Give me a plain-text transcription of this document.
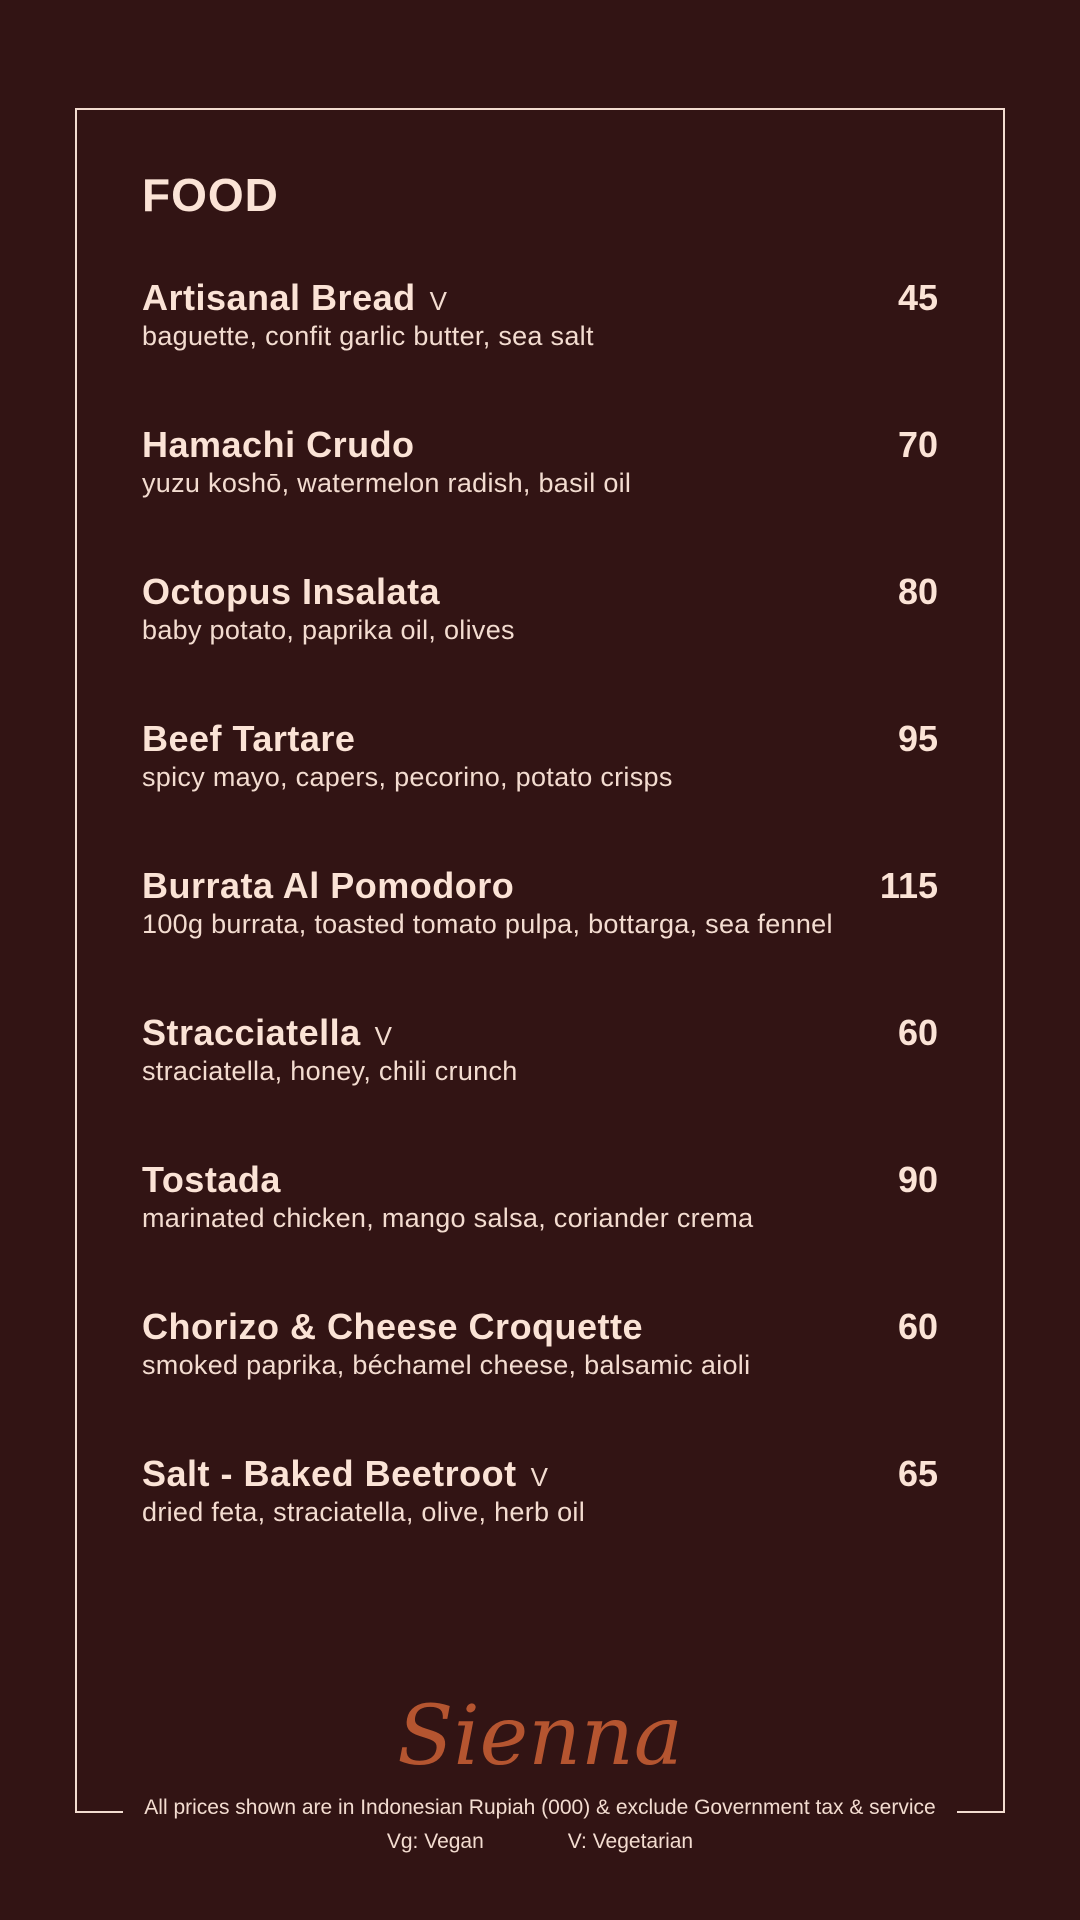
FOOD
Artisanal Bread V
baguette, confit garlic butter, sea salt
45
Hamachi Crudo
yuzu koshō, watermelon radish, basil oil
70
Octopus Insalata
baby potato, paprika oil, olives
80
Beef Tartare
spicy mayo, capers, pecorino, potato crisps
95
Burrata Al Pomodoro
100g burrata, toasted tomato pulpa, bottarga, sea fennel
115
Stracciatella V
straciatella, honey, chili crunch
60
Tostada
marinated chicken, mango salsa, coriander crema
90
Chorizo & Cheese Croquette
smoked paprika, béchamel cheese, balsamic aioli
60
Salt - Baked Beetroot V
dried feta, straciatella, olive, herb oil
65
Sienna
All prices shown are in Indonesian Rupiah (000) & exclude Government tax & service
Vg: Vegan	V: Vegetarian
